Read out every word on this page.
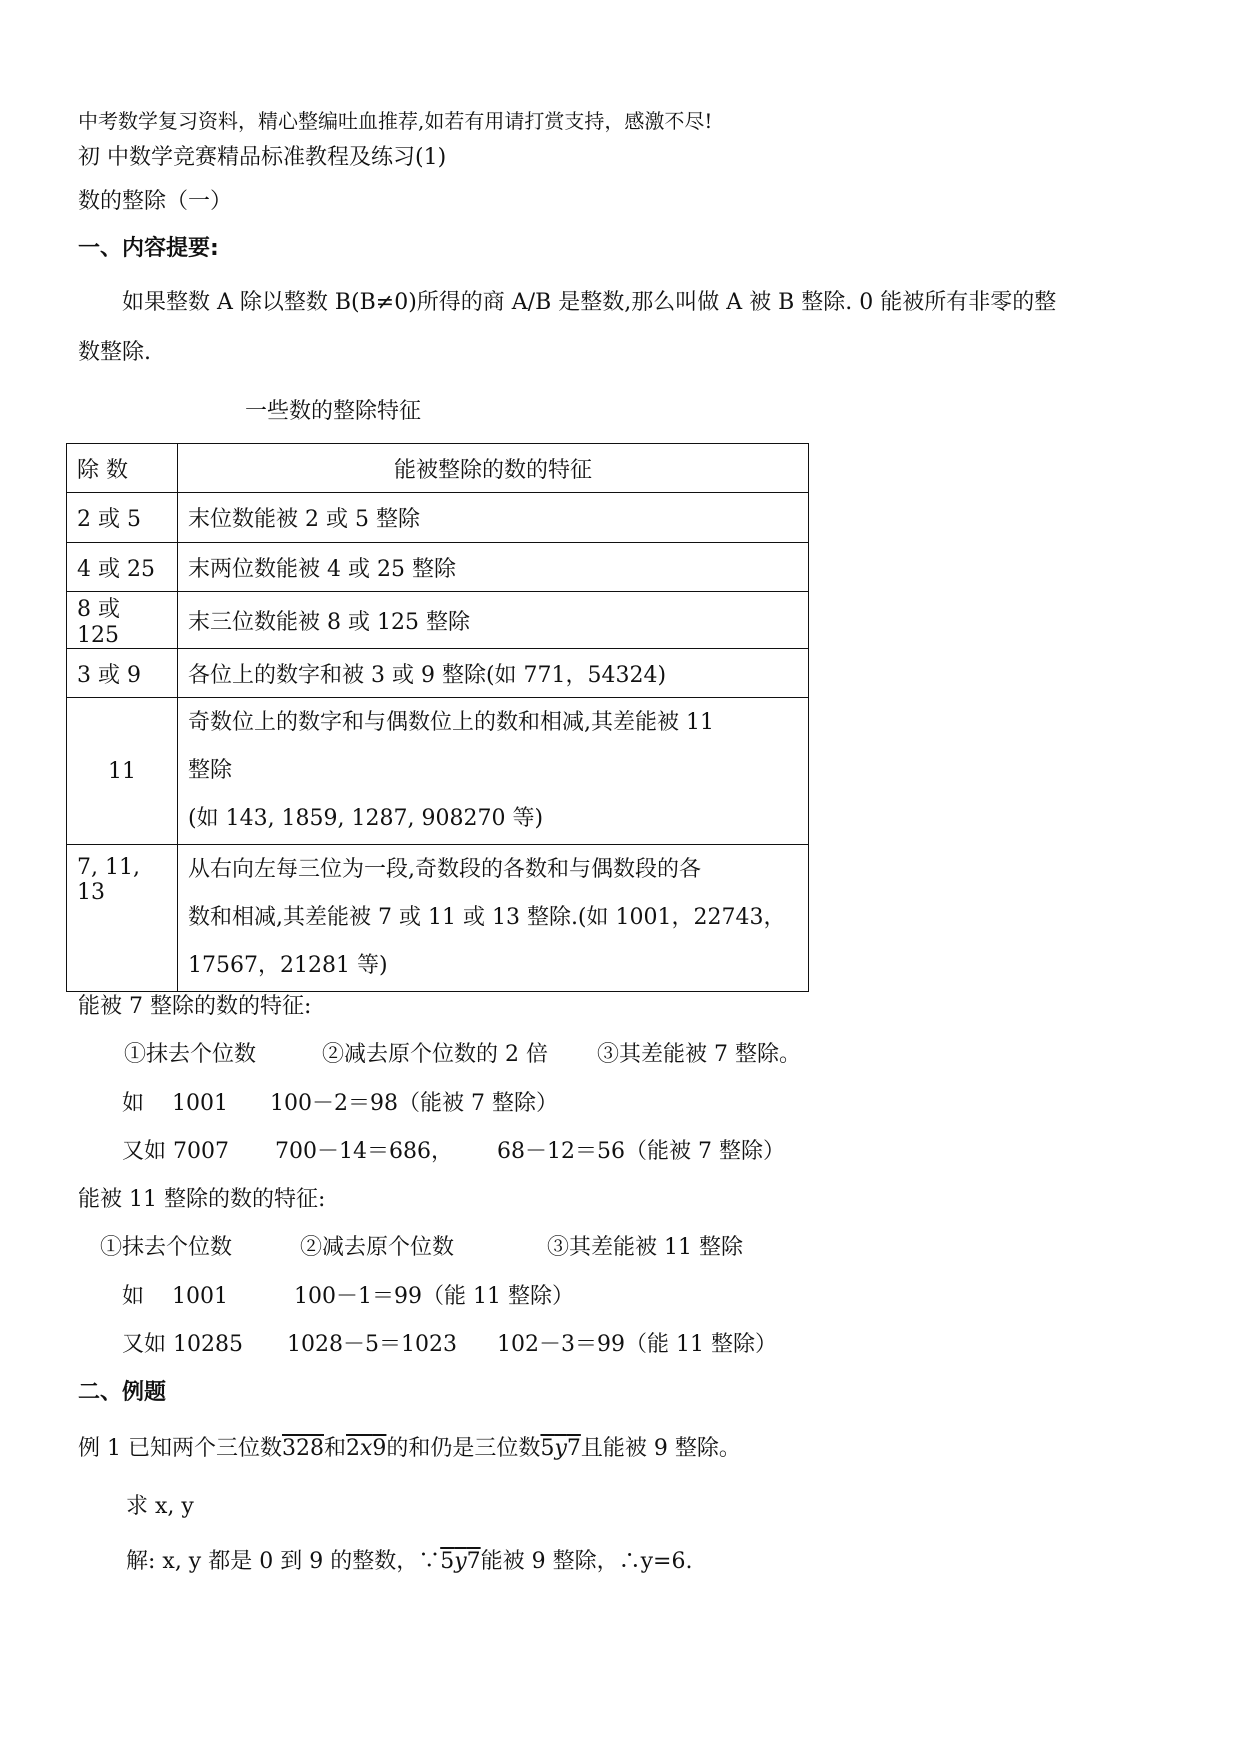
中考数学复习资料，精心整编吐血推荐,如若有用请打赏支持，感激不尽!
初 中数学竞赛精品标准教程及练习(1)
数的整除（一）
一、内容提要:
如果整数 A 除以整数 B(B≠0)所得的商 A/B 是整数,那么叫做 A 被 B 整除. 0 能被所有非零的整
数整除.
一些数的整除特征
除 数	能被整除的数的特征
2 或 5	末位数能被 2 或 5 整除
4 或 25	末两位数能被 4 或 25 整除
8 或 125	末三位数能被 8 或 125 整除
3 或 9	各位上的数字和被 3 或 9 整除(如 771，54324)
11	奇数位上的数字和与偶数位上的数和相减,其差能被 11
整除
(如 143, 1859, 1287, 908270 等)

7, 11, 13	从右向左每三位为一段,奇数段的各数和与偶数段的各
数和相减,其差能被 7 或 11 或 13 整除.(如 1001，22743，
17567，21281 等)
能被 7 整除的数的特征:
①抹去个位数	②减去原个位数的 2 倍 ③其差能被 7 整除。
如 1001 100－2＝98（能被 7 整除）
又如 7007 700－14＝686， 68－12＝56（能被 7 整除）
能被 11 整除的数的特征:
①抹去个位数	②减去原个位数	③其差能被 11 整除
如 1001	100－1＝99（能 11 整除）
又如 10285 1028－5＝1023 102－3＝99（能 11 整除）
二、例题
例 1 已知两个三位数328和2x9的和仍是三位数5y7且能被 9 整除。
求 x, y
解: x, y 都是 0 到 9 的整数，∵5y7能被 9 整除，∴y=6.
